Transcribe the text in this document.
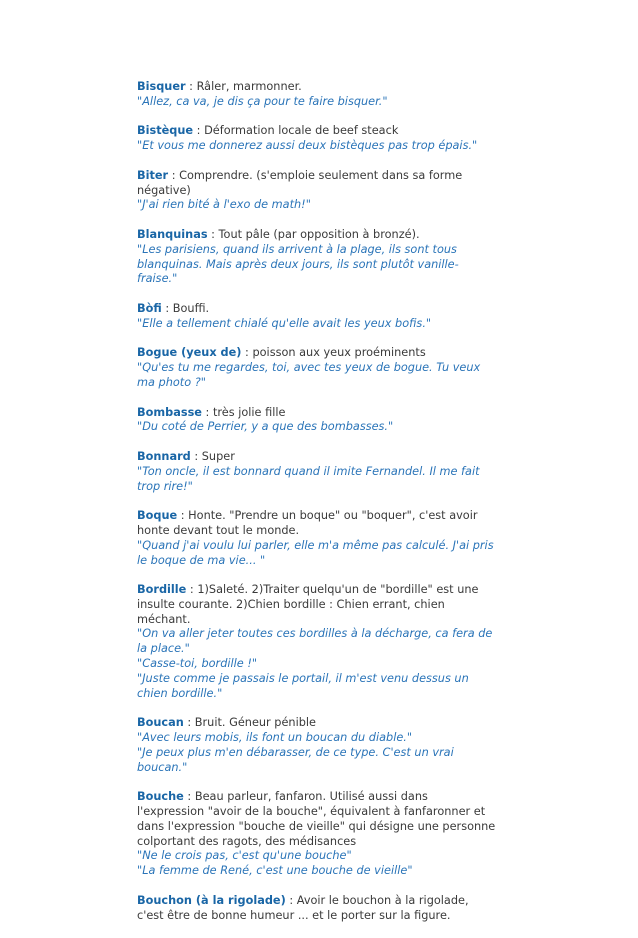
Bisquer : Râler, marmonner.
"Allez, ca va, je dis ça pour te faire bisquer."
Bistèque : Déformation locale de beef steack
"Et vous me donnerez aussi deux bistèques pas trop épais."
Biter : Comprendre. (s'emploie seulement dans sa forme négative)
"J'ai rien bité à l'exo de math!"
Blanquinas : Tout pâle (par opposition à bronzé).
"Les parisiens, quand ils arrivent à la plage, ils sont tous blanquinas. Mais après deux jours, ils sont plutôt vanille-fraise."
Bòfi : Bouffi.
"Elle a tellement chialé qu'elle avait les yeux bofis."
Bogue (yeux de) : poisson aux yeux proéminents
"Qu'es tu me regardes, toi, avec tes yeux de bogue. Tu veux ma photo ?"
Bombasse : très jolie fille
"Du coté de Perrier, y a que des bombasses."
Bonnard : Super
"Ton oncle, il est bonnard quand il imite Fernandel. Il me fait trop rire!"
Boque : Honte. "Prendre un boque" ou "boquer", c'est avoir honte devant tout le monde.
"Quand j'ai voulu lui parler, elle m'a même pas calculé. J'ai pris le boque de ma vie... "
Bordille : 1)Saleté. 2)Traiter quelqu'un de "bordille" est une insulte courante. 2)Chien bordille : Chien errant, chien méchant.
"On va aller jeter toutes ces bordilles à la décharge, ca fera de la place."
"Casse-toi, bordille !"
"Juste comme je passais le portail, il m'est venu dessus un chien bordille."
Boucan : Bruit. Géneur pénible
"Avec leurs mobis, ils font un boucan du diable."
"Je peux plus m'en débarasser, de ce type. C'est un vrai boucan."
Bouche : Beau parleur, fanfaron. Utilisé aussi dans l'expression "avoir de la bouche", équivalent à fanfaronner et dans l'expression "bouche de vieille" qui désigne une personne colportant des ragots, des médisances
"Ne le crois pas, c'est qu'une bouche"
"La femme de René, c'est une bouche de vieille"
Bouchon (à la rigolade) : Avoir le bouchon à la rigolade, c'est être de bonne humeur ... et le porter sur la figure.
